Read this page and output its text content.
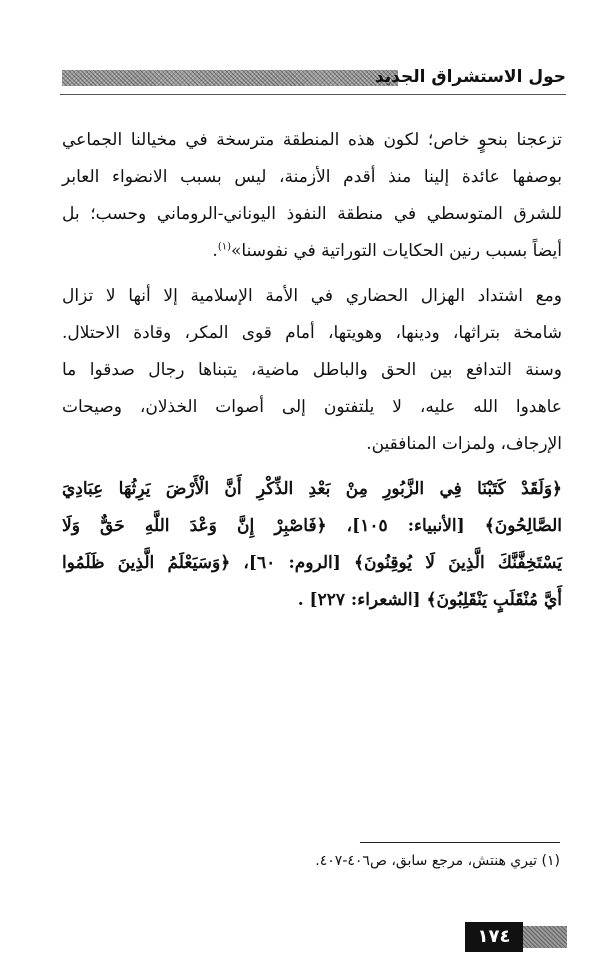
حول الاستشراق الجديد

تزعجنا بنحوٍ خاص؛ لكون هذه المنطقة مترسخة في مخيالنا الجماعي
بوصفها عائدة إلينا منذ أقدم الأزمنة، ليس بسبب الانضواء العابر
للشرق المتوسطي في منطقة النفوذ اليوناني-الروماني وحسب؛ بل
أيضاً بسبب رنين الحكايات التوراتية في نفوسنا»$^{(١)}$.

ومع اشتداد الهزال الحضاري في الأمة الإسلامية إلا أنها لا تزال
شامخة بتراثها، ودينها، وهويتها، أمام قوى المكر، وقادة الاحتلال.
وسنة التدافع بين الحق والباطل ماضية، يتبناها رجال صدقوا ما
عاهدوا الله عليه، لا يلتفتون إلى أصوات الخذلان، وصيحات
الإرجاف، ولمزات المنافقين.

﴿وَلَقَدْ كَتَبْنَا فِي الزَّبُورِ مِنْ بَعْدِ الذِّكْرِ أَنَّ الْأَرْضَ يَرِثُهَا عِبَادِيَ
الصَّالِحُونَ﴾ [الأنبياء: ١٠٥]، ﴿فَاصْبِرْ إِنَّ وَعْدَ اللَّهِ حَقٌّ وَلَا
يَسْتَخِفَّنَّكَ الَّذِينَ لَا يُوقِنُونَ﴾ [الروم: ٦٠]، ﴿وَسَيَعْلَمُ الَّذِينَ ظَلَمُوا
أَيَّ مُنْقَلَبٍ يَنْقَلِبُونَ﴾ [الشعراء: ٢٢٧] .

(١) تيري هنتش، مرجع سابق، ص٤٠٦-٤٠٧.
١٧٤
